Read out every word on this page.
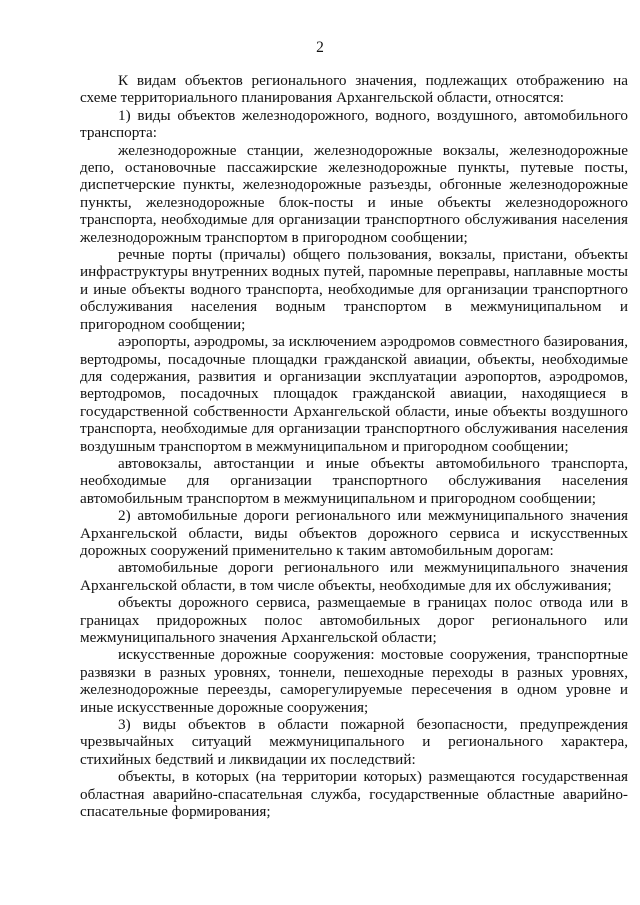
2

К видам объектов регионального значения, подлежащих отображению на схеме территориального планирования Архангельской области, относятся:

1) виды объектов железнодорожного, водного, воздушного, автомобильного транспорта:

железнодорожные станции, железнодорожные вокзалы, железнодорожные депо, остановочные пассажирские железнодорожные пункты, путевые посты, диспетчерские пункты, железнодорожные разъезды, обгонные железнодорожные пункты, железнодорожные блок-посты и иные объекты железнодорожного транспорта, необходимые для организации транспортного обслуживания населения железнодорожным транспортом в пригородном сообщении;

речные порты (причалы) общего пользования, вокзалы, пристани, объекты инфраструктуры внутренних водных путей, паромные переправы, наплавные мосты и иные объекты водного транспорта, необходимые для организации транспортного обслуживания населения водным транспортом в межмуниципальном и пригородном сообщении;

аэропорты, аэродромы, за исключением аэродромов совместного базирования, вертодромы, посадочные площадки гражданской авиации, объекты, необходимые для содержания, развития и организации эксплуатации аэропортов, аэродромов, вертодромов, посадочных площадок гражданской авиации, находящиеся в государственной собственности Архангельской области, иные объекты воздушного транспорта, необходимые для организации транспортного обслуживания населения воздушным транспортом в межмуниципальном и пригородном сообщении;

автовокзалы, автостанции и иные объекты автомобильного транспорта, необходимые для организации транспортного обслуживания населения автомобильным транспортом в межмуниципальном и пригородном сообщении;

2) автомобильные дороги регионального или межмуниципального значения Архангельской области, виды объектов дорожного сервиса и искусственных дорожных сооружений применительно к таким автомобильным дорогам:

автомобильные дороги регионального или межмуниципального значения Архангельской области, в том числе объекты, необходимые для их обслуживания;

объекты дорожного сервиса, размещаемые в границах полос отвода или в границах придорожных полос автомобильных дорог регионального или межмуниципального значения Архангельской области;

искусственные дорожные сооружения: мостовые сооружения, транспортные развязки в разных уровнях, тоннели, пешеходные переходы в разных уровнях, железнодорожные переезды, саморегулируемые пересечения в одном уровне и иные искусственные дорожные сооружения;

3) виды объектов в области пожарной безопасности, предупреждения чрезвычайных ситуаций межмуниципального и регионального характера, стихийных бедствий и ликвидации их последствий:

объекты, в которых (на территории которых) размещаются государственная областная аварийно-спасательная служба, государственные областные аварийно-спасательные формирования;
